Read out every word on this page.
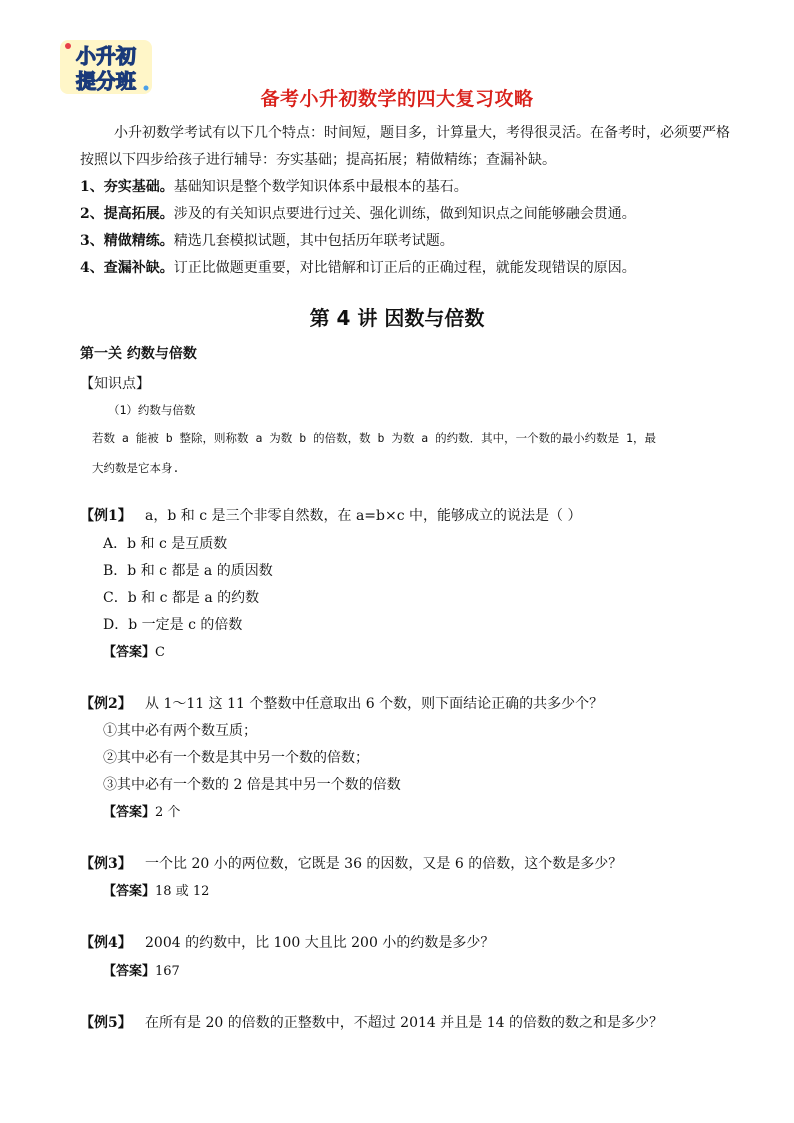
小升初
提分班
备考小升初数学的四大复习攻略
小升初数学考试有以下几个特点：时间短，题目多，计算量大，考得很灵活。在备考时，必须要严格按照以下四步给孩子进行辅导：夯实基础；提高拓展；精做精练；查漏补缺。
1、夯实基础。基础知识是整个数学知识体系中最根本的基石。
2、提高拓展。涉及的有关知识点要进行过关、强化训练，做到知识点之间能够融会贯通。
3、精做精练。精选几套模拟试题，其中包括历年联考试题。
4、查漏补缺。订正比做题更重要，对比错解和订正后的正确过程，就能发现错误的原因。
第 4 讲 因数与倍数
第一关 约数与倍数
【知识点】
（1）约数与倍数
若数 a 能被 b 整除，则称数 a 为数 b 的倍数，数 b 为数 a 的约数．其中，一个数的最小约数是 1，最
大约数是它本身.
【例1】 a，b 和 c 是三个非零自然数，在 a=b×c 中，能够成立的说法是（ ）
A．b 和 c 是互质数
B．b 和 c 都是 a 的质因数
C．b 和 c 都是 a 的约数
D．b 一定是 c 的倍数
【答案】C
【例2】 从 1～11 这 11 个整数中任意取出 6 个数，则下面结论正确的共多少个？
①其中必有两个数互质；
②其中必有一个数是其中另一个数的倍数；
③其中必有一个数的 2 倍是其中另一个数的倍数
【答案】2 个
【例3】 一个比 20 小的两位数，它既是 36 的因数，又是 6 的倍数，这个数是多少？
【答案】18 或 12
【例4】 2004 的约数中，比 100 大且比 200 小的约数是多少？
【答案】167
【例5】 在所有是 20 的倍数的正整数中，不超过 2014 并且是 14 的倍数的数之和是多少？
